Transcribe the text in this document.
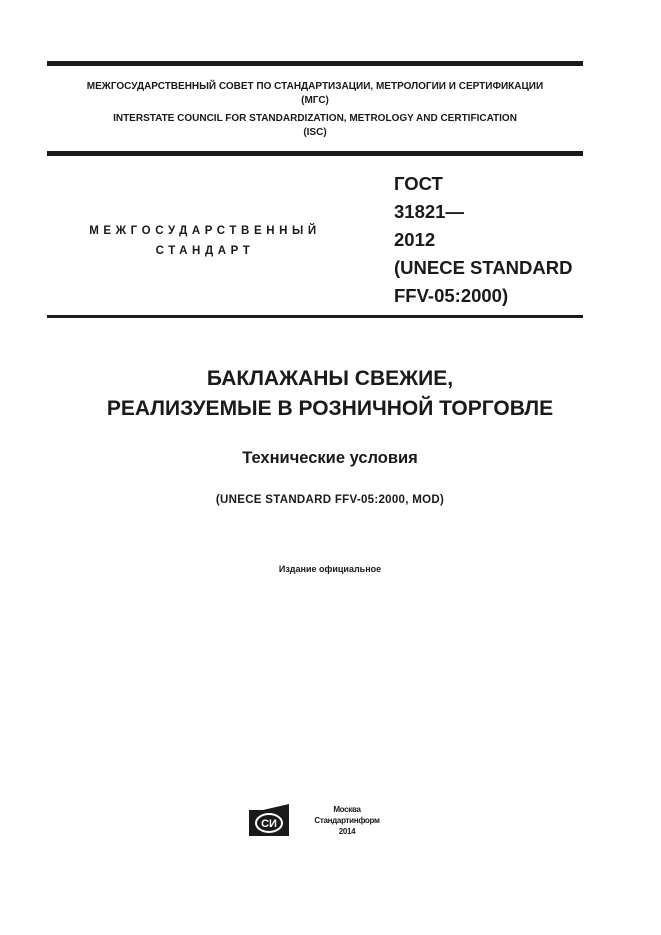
МЕЖГОСУДАРСТВЕННЫЙ СОВЕТ ПО СТАНДАРТИЗАЦИИ, МЕТРОЛОГИИ И СЕРТИФИКАЦИИ
(МГС)
INTERSTATE COUNCIL FOR STANDARDIZATION, METROLOGY AND CERTIFICATION
(ISC)
МЕЖГОСУДАРСТВЕННЫЙ
СТАНДАРТ
ГОСТ
31821—
2012
(UNECE STANDARD
FFV-05:2000)
БАКЛАЖАНЫ СВЕЖИЕ,
РЕАЛИЗУЕМЫЕ В РОЗНИЧНОЙ ТОРГОВЛЕ
Технические условия
(UNECE STANDARD FFV-05:2000, MOD)
Издание официальное
СИ
Москва
Стандартинформ
2014
